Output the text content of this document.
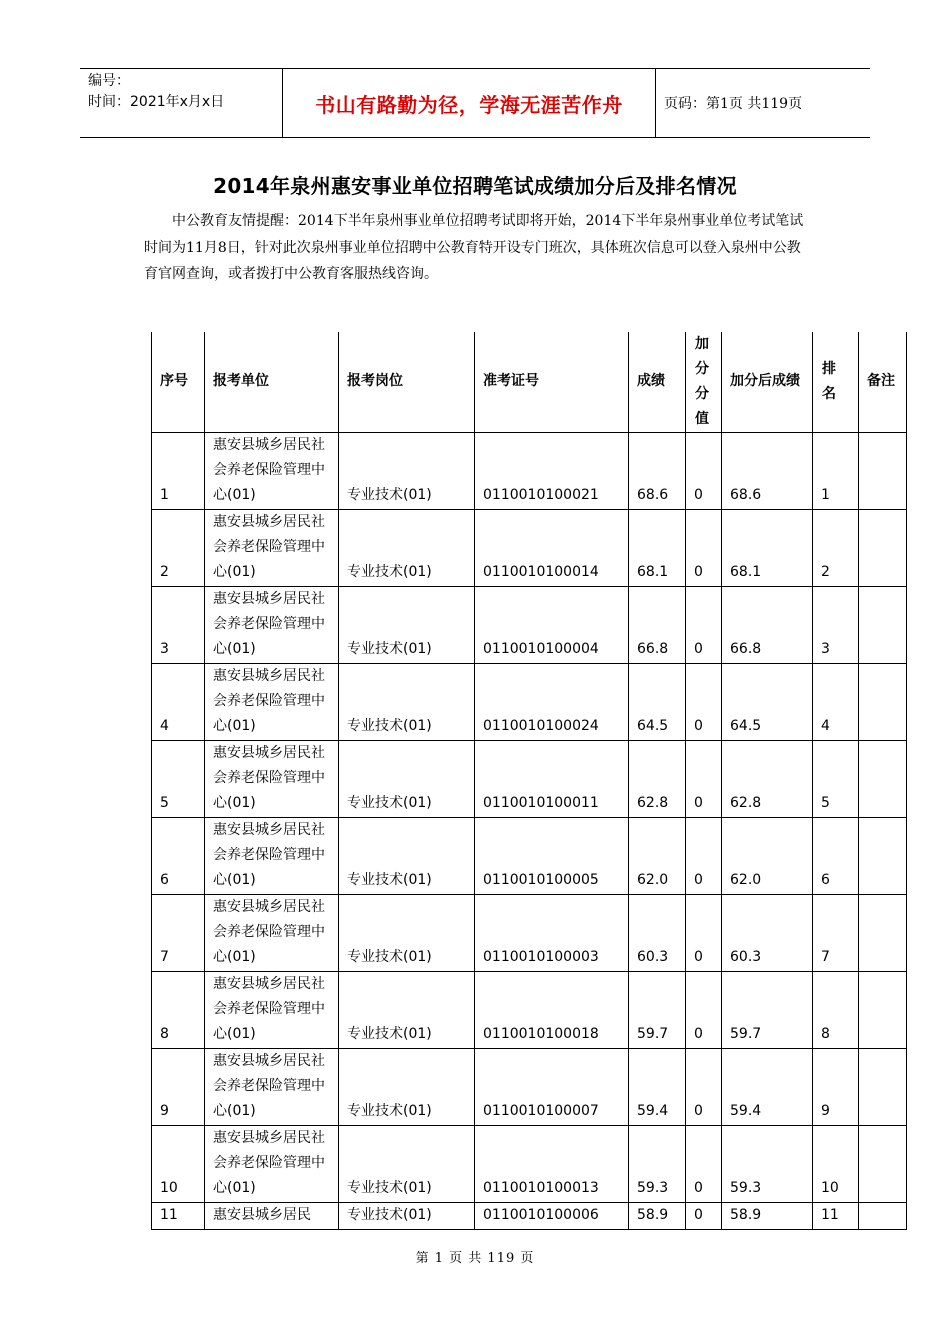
编号：
时间：2021年x月x日	书山有路勤为径，学海无涯苦作舟	页码：第1页 共119页
2014年泉州惠安事业单位招聘笔试成绩加分后及排名情况

中公教育友情提醒：2014下半年泉州事业单位招聘考试即将开始，2014下半年泉州事业单位考试笔试时间为11月8日，针对此次泉州事业单位招聘中公教育特开设专门班次，具体班次信息可以登入泉州中公教育官网查询，或者拨打中公教育客服热线咨询。

序号	报考单位	报考岗位	准考证号	成绩	加分分值	加分后成绩	排名	备注
1	惠安县城乡居民社会养老保险管理中心(01)	专业技术(01)	0110010100021	68.6	0	68.6	1	
2	惠安县城乡居民社会养老保险管理中心(01)	专业技术(01)	0110010100014	68.1	0	68.1	2	
3	惠安县城乡居民社会养老保险管理中心(01)	专业技术(01)	0110010100004	66.8	0	66.8	3	
4	惠安县城乡居民社会养老保险管理中心(01)	专业技术(01)	0110010100024	64.5	0	64.5	4	
5	惠安县城乡居民社会养老保险管理中心(01)	专业技术(01)	0110010100011	62.8	0	62.8	5	
6	惠安县城乡居民社会养老保险管理中心(01)	专业技术(01)	0110010100005	62.0	0	62.0	6	
7	惠安县城乡居民社会养老保险管理中心(01)	专业技术(01)	0110010100003	60.3	0	60.3	7	
8	惠安县城乡居民社会养老保险管理中心(01)	专业技术(01)	0110010100018	59.7	0	59.7	8	
9	惠安县城乡居民社会养老保险管理中心(01)	专业技术(01)	0110010100007	59.4	0	59.4	9	
10	惠安县城乡居民社会养老保险管理中心(01)	专业技术(01)	0110010100013	59.3	0	59.3	10	
11	惠安县城乡居民	专业技术(01)	0110010100006	58.9	0	58.9	11	
第 1 页 共 119 页
